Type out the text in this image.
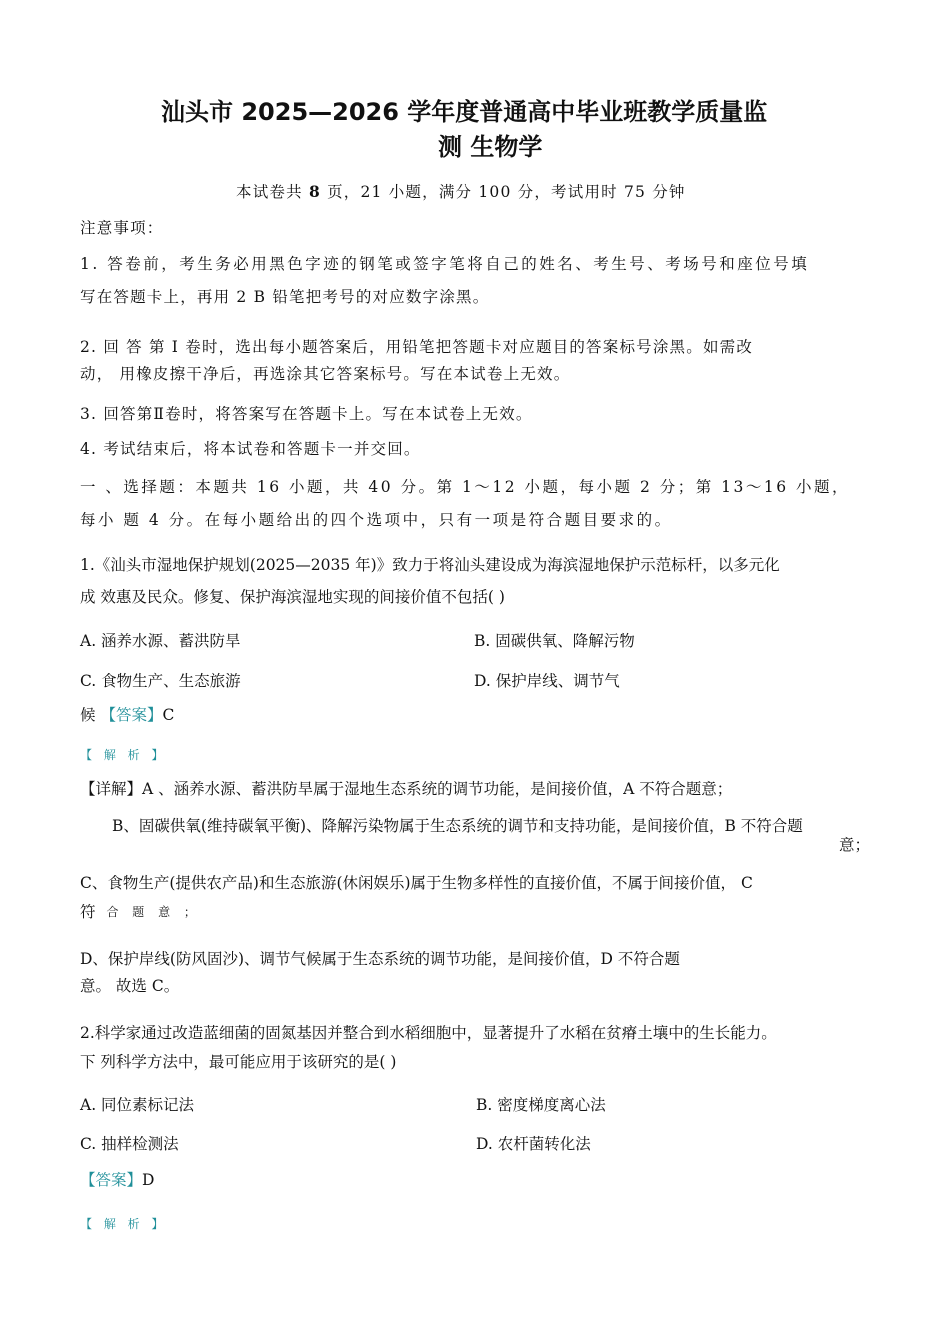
汕头市 2025—2026 学年度普通高中毕业班教学质量监
测 生物学
本试卷共 8 页，21 小题，满分 100 分，考试用时 75 分钟
注意事项：
1. 答卷前，考生务必用黑色字迹的钢笔或签字笔将自己的姓名、考生号、考场号和座位号填
写在答题卡上，再用 2 B 铅笔把考号的对应数字涂黑。
2. 回 答 第 I 卷时，选出每小题答案后，用铅笔把答题卡对应题目的答案标号涂黑。如需改
动， 用橡皮擦干净后，再选涂其它答案标号。写在本试卷上无效。
3. 回答第Ⅱ卷时，将答案写在答题卡上。写在本试卷上无效。
4. 考试结束后，将本试卷和答题卡一并交回。
一 、选择题：本题共 16 小题，共 40 分。第 1～12 小题，每小题 2 分；第 13～16 小题，
每小 题 4 分。在每小题给出的四个选项中，只有一项是符合题目要求的。
1.《汕头市湿地保护规划(2025—2035 年)》致力于将汕头建设成为海滨湿地保护示范标杆，以多元化
成 效惠及民众。修复、保护海滨湿地实现的间接价值不包括( )
A. 涵养水源、蓄洪防旱	B. 固碳供氧、降解污物
C. 食物生产、生态旅游	D. 保护岸线、调节气
候 【答案】C
【 解 析 】
【详解】A 、涵养水源、蓄洪防旱属于湿地生态系统的调节功能，是间接价值，A 不符合题意；
B、固碳供氧(维持碳氧平衡)、降解污染物属于生态系统的调节和支持功能，是间接价值，B 不符合题
意；
C、食物生产(提供农产品)和生态旅游(休闲娱乐)属于生物多样性的直接价值，不属于间接价值， C
符 合 题 意 ；
D、保护岸线(防风固沙)、调节气候属于生态系统的调节功能，是间接价值，D 不符合题
意。 故选 C。
2.科学家通过改造蓝细菌的固氮基因并整合到水稻细胞中，显著提升了水稻在贫瘠土壤中的生长能力。
下 列科学方法中，最可能应用于该研究的是( )
A. 同位素标记法	B. 密度梯度离心法
C. 抽样检测法	D. 农杆菌转化法
【答案】D
【 解 析 】
